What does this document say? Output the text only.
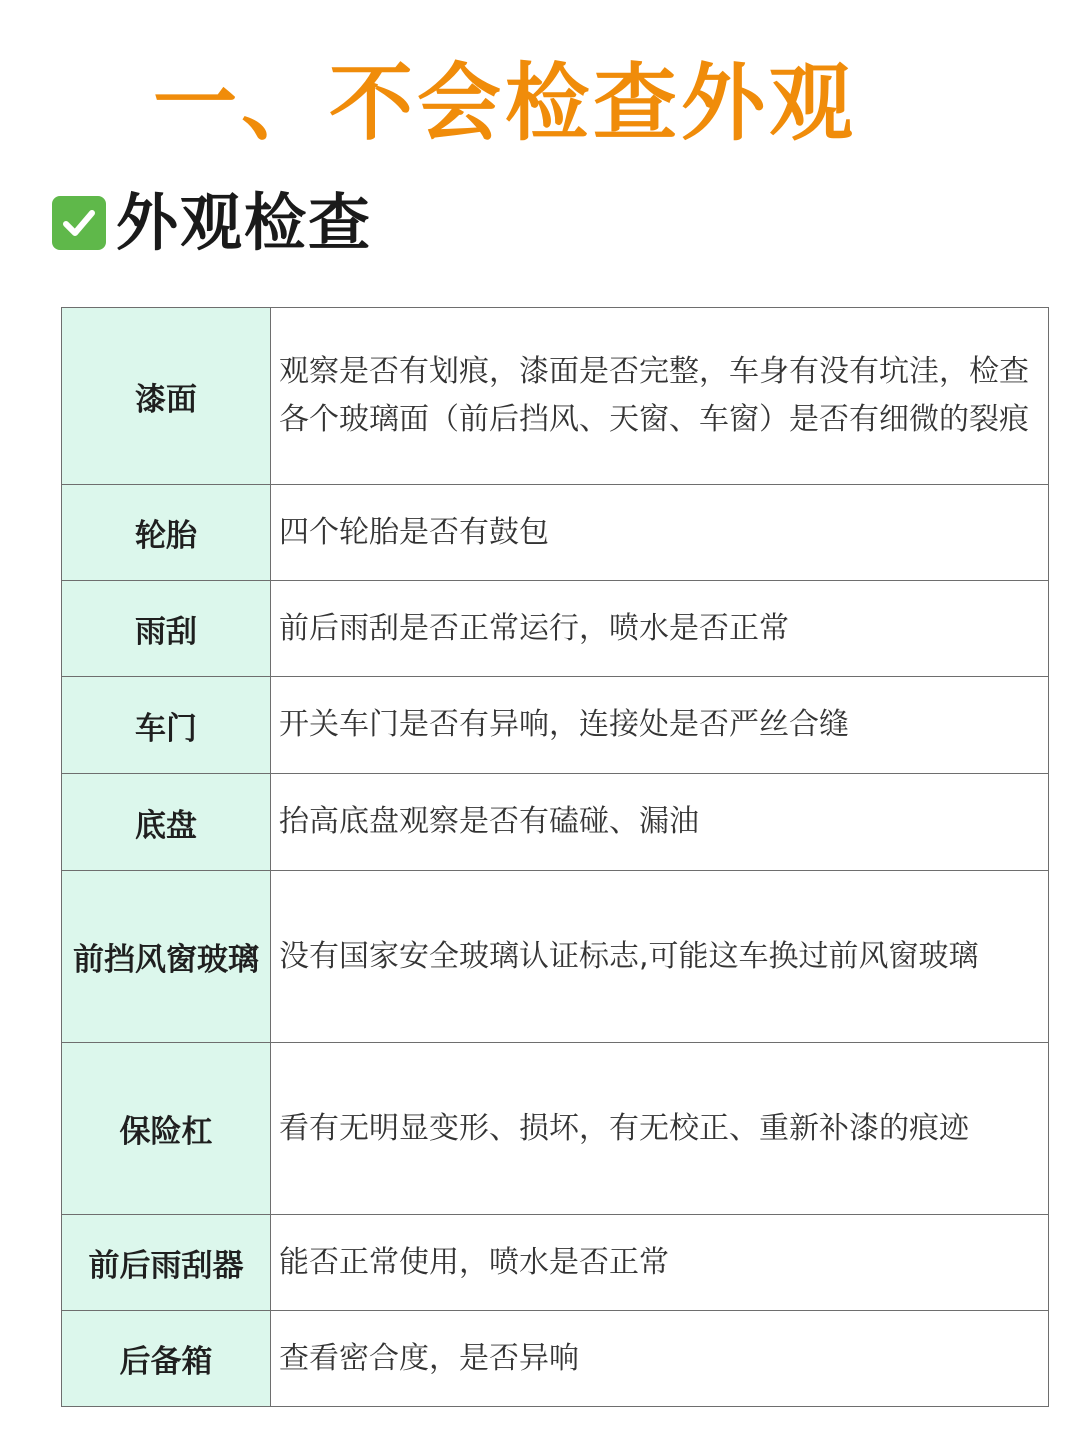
一、不会检查外观
外观检查
漆面	观察是否有划痕，漆面是否完整，车身有没有坑洼，检查各个玻璃面（前后挡风、天窗、车窗）是否有细微的裂痕
轮胎	四个轮胎是否有鼓包
雨刮	前后雨刮是否正常运行，喷水是否正常
车门	开关车门是否有异响，连接处是否严丝合缝
底盘	抬高底盘观察是否有磕碰、漏油
前挡风窗玻璃	没有国家安全玻璃认证标志,可能这车换过前风窗玻璃
保险杠	看有无明显变形、损坏，有无校正、重新补漆的痕迹
前后雨刮器	能否正常使用，喷水是否正常
后备箱	查看密合度，是否异响
